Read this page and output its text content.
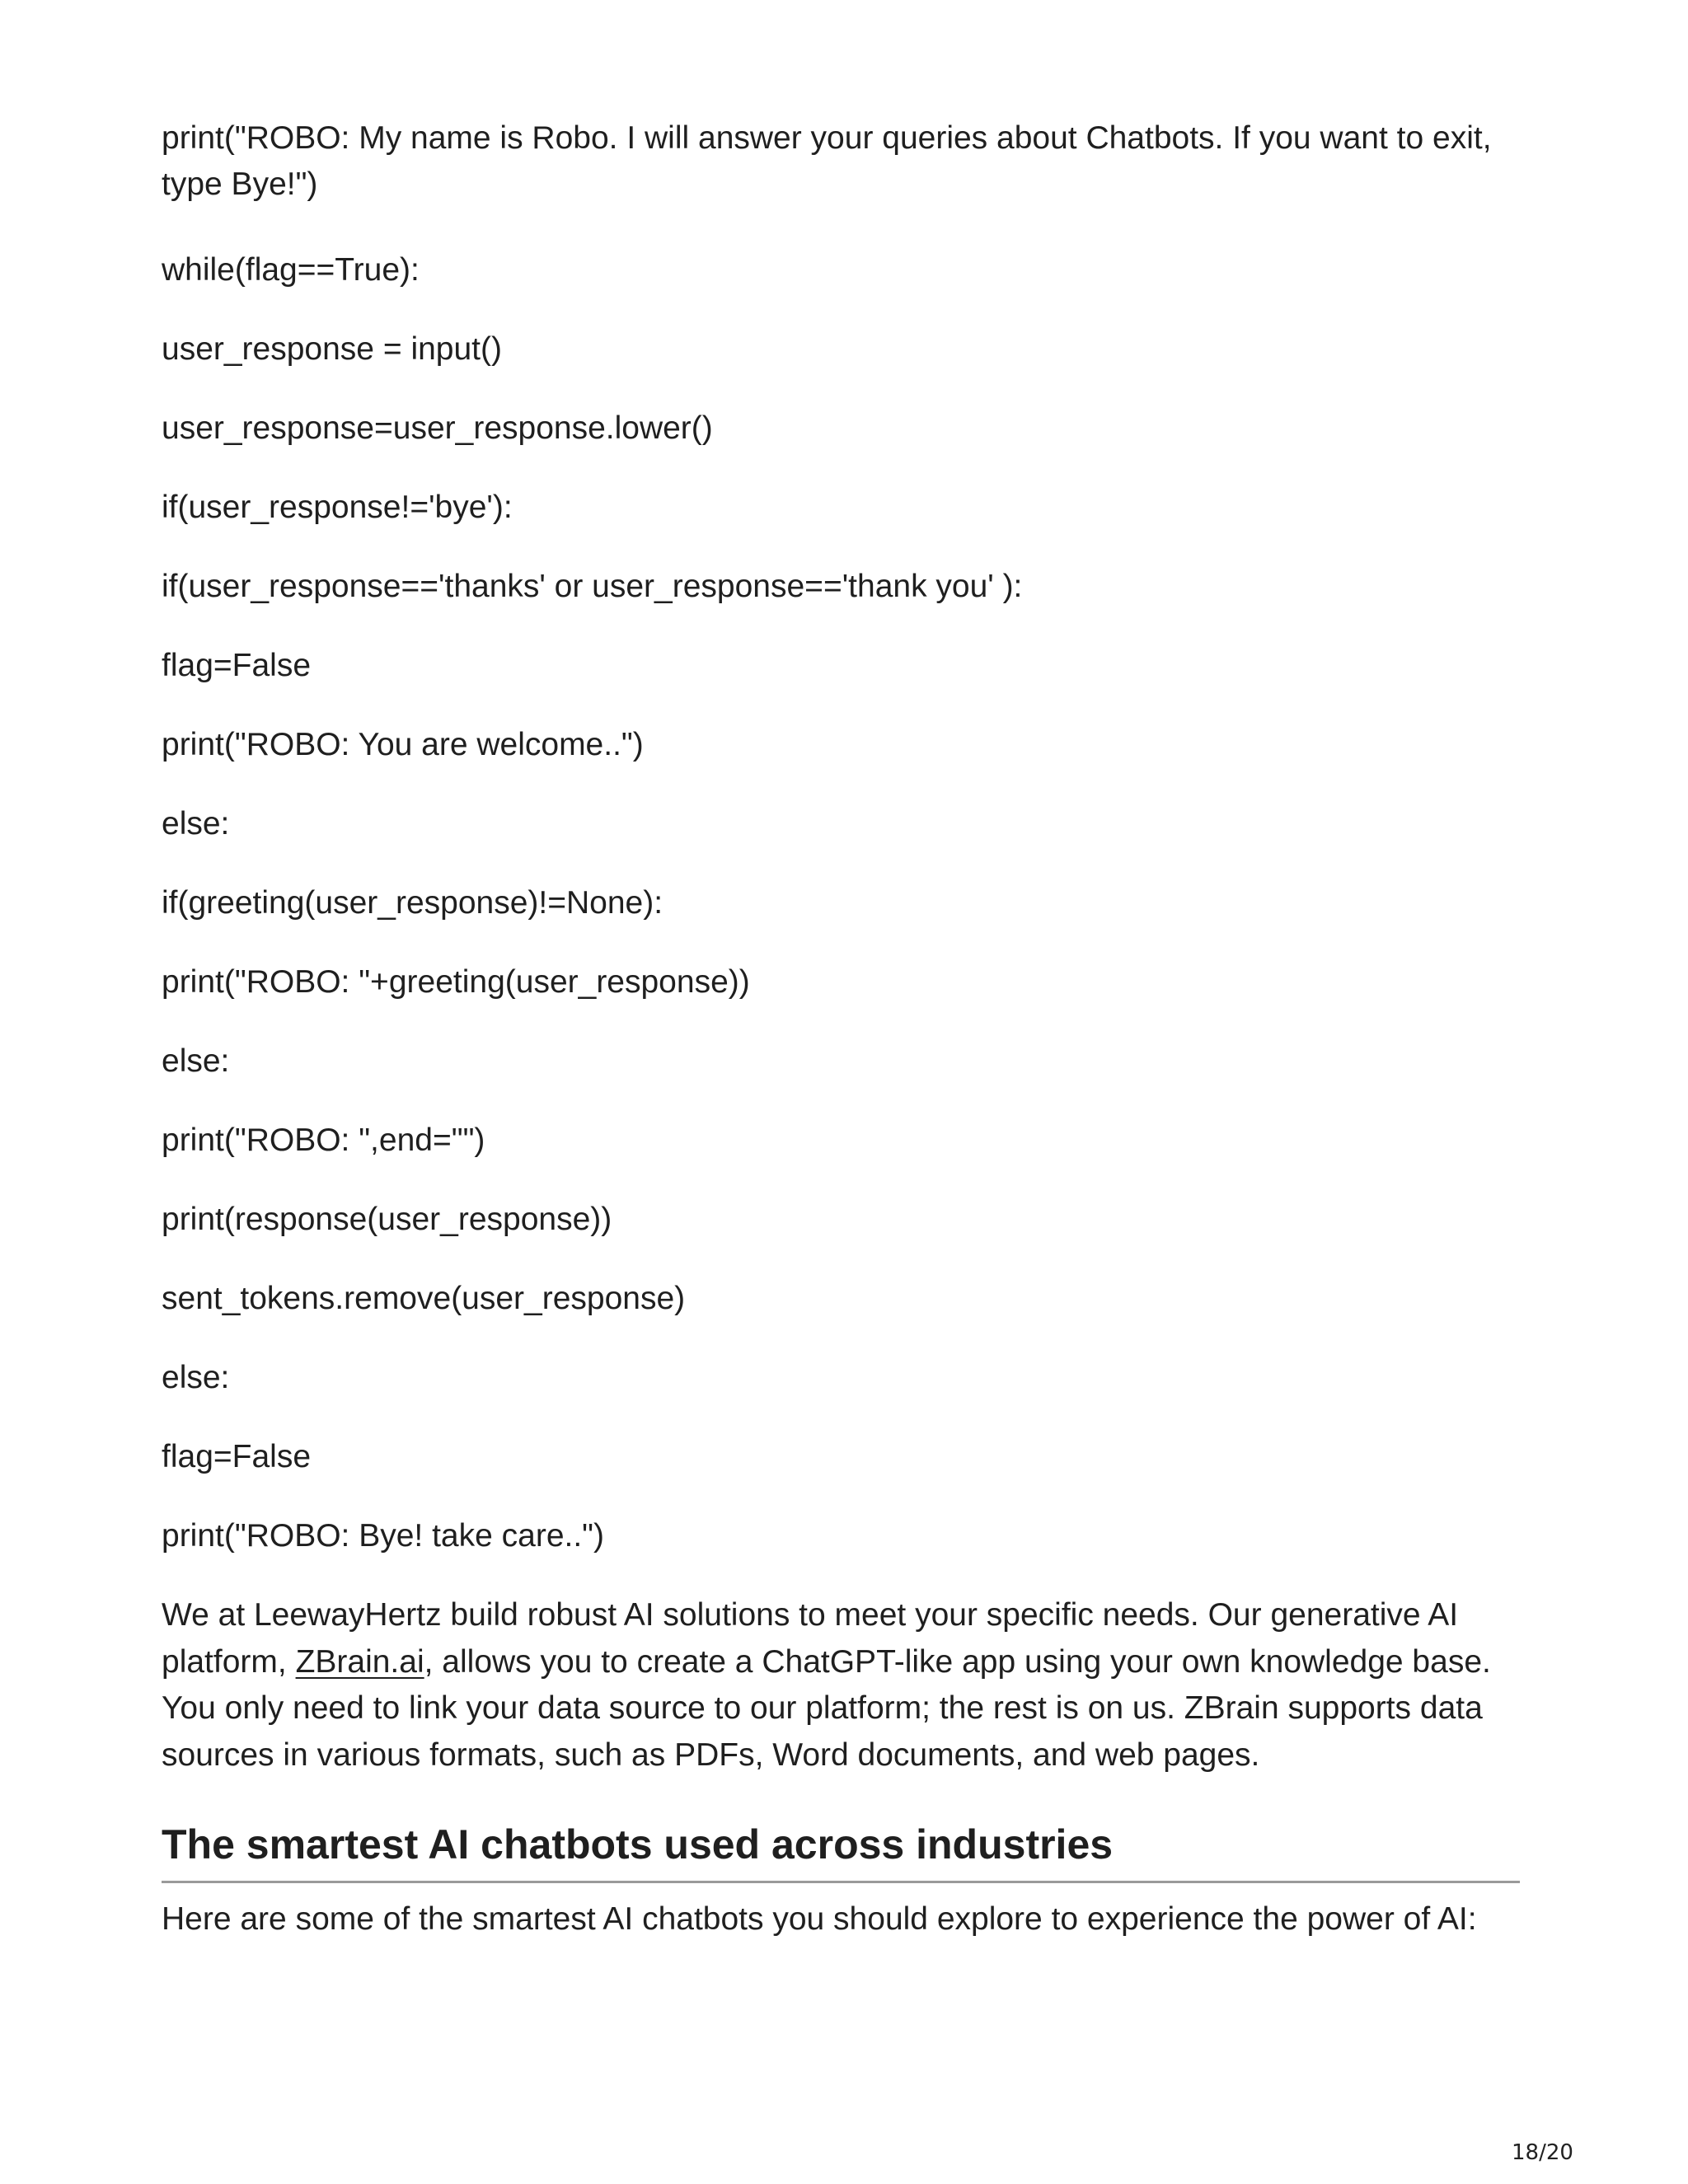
print("ROBO: My name is Robo. I will answer your queries about Chatbots. If you want to exit, type Bye!")

while(flag==True):

user_response = input()

user_response=user_response.lower()

if(user_response!='bye'):

if(user_response=='thanks' or user_response=='thank you' ):

flag=False

print("ROBO: You are welcome..")

else:

if(greeting(user_response)!=None):

print("ROBO: "+greeting(user_response))

else:

print("ROBO: ",end="")

print(response(user_response))

sent_tokens.remove(user_response)

else:

flag=False

print("ROBO: Bye! take care..")

We at LeewayHertz build robust AI solutions to meet your specific needs. Our generative AI platform, ZBrain.ai, allows you to create a ChatGPT-like app using your own knowledge base. You only need to link your data source to our platform; the rest is on us. ZBrain supports data sources in various formats, such as PDFs, Word documents, and web pages.

The smartest AI chatbots used across industries

Here are some of the smartest AI chatbots you should explore to experience the power of AI:

18/20
